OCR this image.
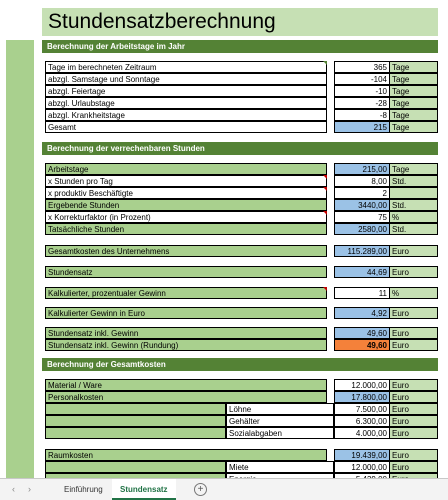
Stundensatzberechnung
Berechnung der Arbeitstage im Jahr
Tage im berechneten Zeitraum	365 Tage
abzgl. Samstage und Sonntage	-104 Tage
abzgl. Feiertage	-10 Tage
abzgl. Urlaubstage	-28 Tage
abzgl. Krankheitstage	-8 Tage
Gesamt	215 Tage
Berechnung der verrechenbaren Stunden
Arbeitstage	215,00 Tage
x Stunden pro Tag	8,00 Std.
x produktiv Beschäftigte	2
Ergebende Stunden	3440,00 Std.
x Korrekturfaktor (in Prozent)	75 %
Tatsächliche Stunden	2580,00 Std.
Gesamtkosten des Unternehmens	115.289,00 Euro
Stundensatz	44,69 Euro
Kalkulierter, prozentualer Gewinn	11 %
Kalkulierter Gewinn in Euro	4,92 Euro
Stundensatz inkl. Gewinn	49,60 Euro
Stundensatz inkl. Gewinn (Rundung)	49,60 Euro
Berechnung der Gesamtkosten
Material / Ware	12.000,00 Euro
Personalkosten	17.800,00 Euro
Löhne	7.500,00 Euro
Gehälter	6.300,00 Euro
Sozialabgaben	4.000,00 Euro
Raumkosten	19.439,00 Euro
Miete	12.000,00 Euro
‹ ›	Einführung	Stundensatz	+
